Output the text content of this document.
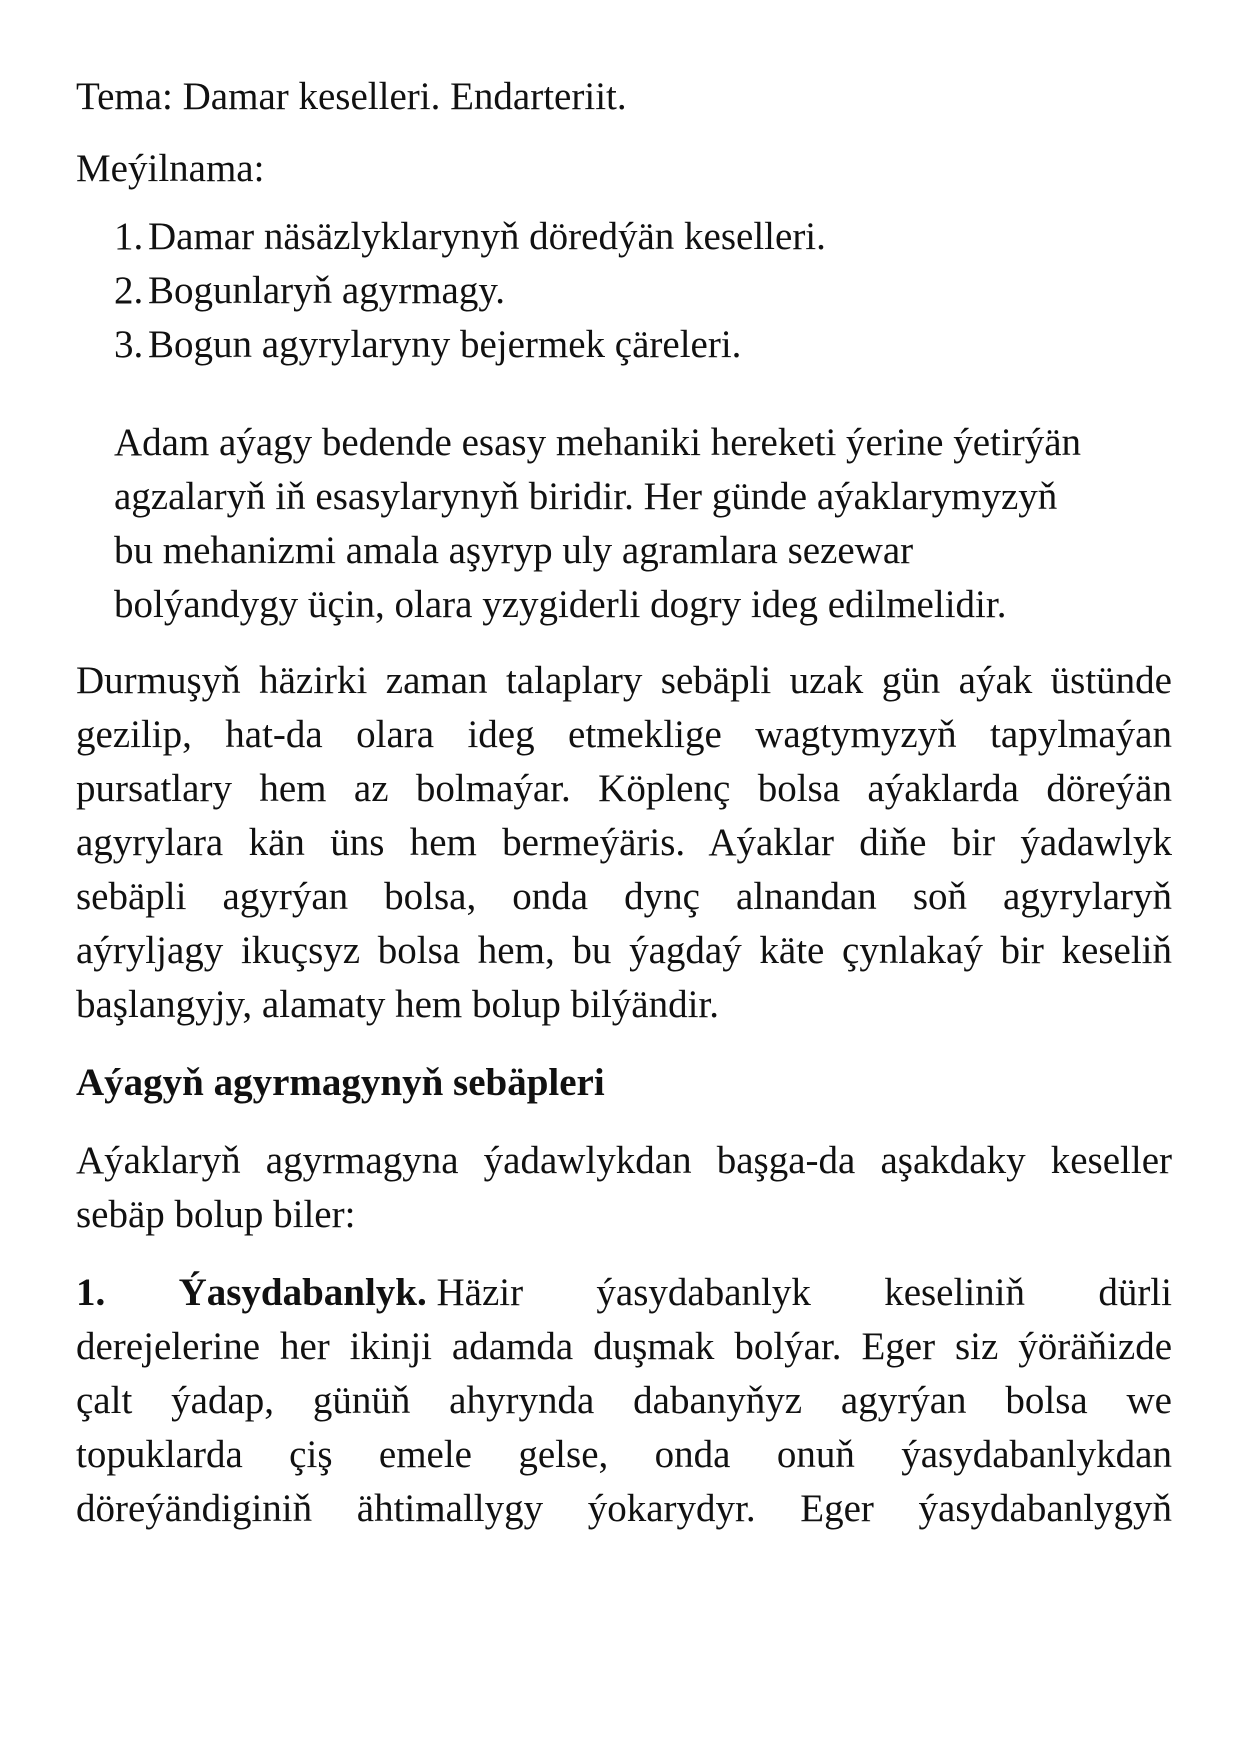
Tema: Damar keselleri. Endarteriit.

Meýilnama:

1. Damar näsäzlyklarynyň döredýän keselleri.
2. Bogunlaryň agyrmagy.
3. Bogun agyrylaryny bejermek çäreleri.

Adam aýagy bedende esasy mehaniki hereketi ýerine ýetirýän

agzalaryň iň esasylarynyň biridir. Her günde aýaklarymyzyň

bu mehanizmi amala aşyryp uly agramlara sezewar

bolýandygy üçin, olara yzygiderli dogry ideg edilmelidir.

Durmuşyň häzirki zaman talaplary sebäpli uzak gün aýak üstünde
gezilip, hat-da olara ideg etmeklige wagtymyzyň tapylmaýan
pursatlary hem az bolmaýar. Köplenç bolsa aýaklarda döreýän
agyrylara kän üns hem bermeýäris. Aýaklar diňe bir ýadawlyk
sebäpli agyrýan bolsa, onda dynç alnandan soň agyrylaryň
aýryljagy ikuçsyz bolsa hem, bu ýagdaý käte çynlakaý bir keseliň
başlangyjy, alamaty hem bolup bilýändir.

Aýagyň agyrmagynyň sebäpleri

Aýaklaryň agyrmagyna ýadawlykdan başga-da aşakdaky keseller
sebäp bolup biler:
1. Ýasydabanlyk. Häzir ýasydabanlyk keseliniň dürli
derejelerine her ikinji adamda duşmak bolýar. Eger siz ýöräňizde
çalt ýadap, günüň ahyrynda dabanyňyz agyrýan bolsa we
topuklarda çiş emele gelse, onda onuň ýasydabanlykdan
döreýändiginiň ähtimallygy ýokarydyr. Eger ýasydabanlygyň
